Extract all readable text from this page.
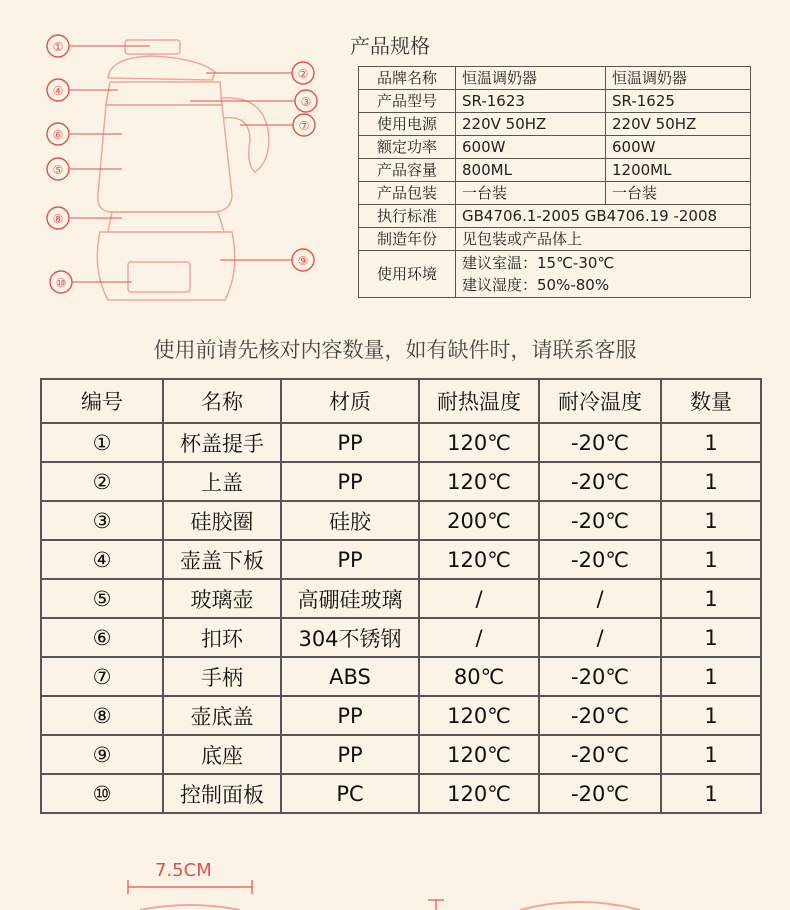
①
②
③
④
⑤
⑥
⑦
⑧
⑨
⑩
产品规格
品牌名称	恒温调奶器	恒温调奶器
产品型号	SR-1623	SR-1625
使用电源	220V 50HZ	220V 50HZ
额定功率	600W	600W
产品容量	800ML	1200ML
产品包装	一台装	一台装
执行标准	GB4706.1-2005 GB4706.19 -2008	
制造年份	见包装或产品体上	
使用环境	建议室温：15℃-30℃
建议湿度：50%-80%	
使用前请先核对内容数量，如有缺件时，请联系客服
编号	名称	材质	耐热温度	耐冷温度	数量
①	杯盖提手	PP	120℃	-20℃	1
②	上盖	PP	120℃	-20℃	1
③	硅胶圈	硅胶	200℃	-20℃	1
④	壶盖下板	PP	120℃	-20℃	1
⑤	玻璃壶	高硼硅玻璃	/	/	1
⑥	扣环	304不锈钢	/	/	1
⑦	手柄	ABS	80℃	-20℃	1
⑧	壶底盖	PP	120℃	-20℃	1
⑨	底座	PP	120℃	-20℃	1
⑩	控制面板	PC	120℃	-20℃	1
7.5CM
